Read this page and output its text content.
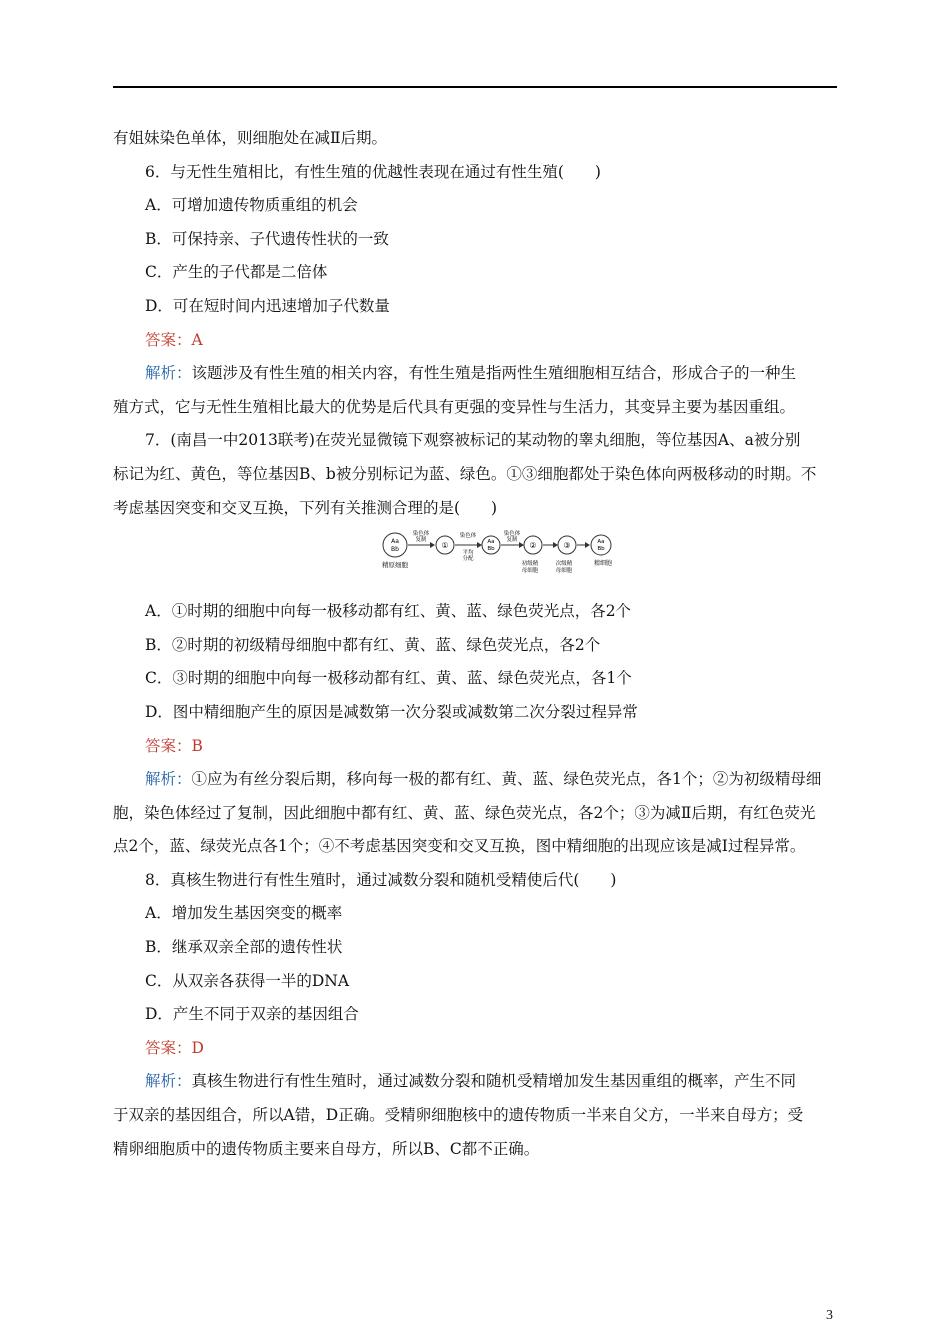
有姐妹染色单体，则细胞处在减Ⅱ后期。
6．与无性生殖相比，有性生殖的优越性表现在通过有性生殖(　　)
A．可增加遗传物质重组的机会
B．可保持亲、子代遗传性状的一致
C．产生的子代都是二倍体
D．可在短时间内迅速增加子代数量
答案：A
解析：该题涉及有性生殖的相关内容，有性生殖是指两性生殖细胞相互结合，形成合子的一种生
殖方式，它与无性生殖相比最大的优势是后代具有更强的变异性与生活力，其变异主要为基因重组。
7．(南昌一中2013联考)在荧光显微镜下观察被标记的某动物的睾丸细胞，等位基因A、a被分别
标记为红、黄色，等位基因B、b被分别标记为蓝、绿色。①③细胞都处于染色体向两极移动的时期。不
考虑基因突变和交叉互换，下列有关推测合理的是(　　)
Aa
Bb
精原细胞
染色体
复制
①
染色体
平均
分配
Aa
Bb
染色体
复制
②
初级精
母细胞
③
次级精
母细胞
Aa
Bb
精细胞
A．①时期的细胞中向每一极移动都有红、黄、蓝、绿色荧光点，各2个
B．②时期的初级精母细胞中都有红、黄、蓝、绿色荧光点，各2个
C．③时期的细胞中向每一极移动都有红、黄、蓝、绿色荧光点，各1个
D．图中精细胞产生的原因是减数第一次分裂或减数第二次分裂过程异常
答案：B
解析：①应为有丝分裂后期，移向每一极的都有红、黄、蓝、绿色荧光点，各1个；②为初级精母细
胞，染色体经过了复制，因此细胞中都有红、黄、蓝、绿色荧光点，各2个；③为减Ⅱ后期，有红色荧光
点2个，蓝、绿荧光点各1个；④不考虑基因突变和交叉互换，图中精细胞的出现应该是减Ⅰ过程异常。
8．真核生物进行有性生殖时，通过减数分裂和随机受精使后代(　　)
A．增加发生基因突变的概率
B．继承双亲全部的遗传性状
C．从双亲各获得一半的DNA
D．产生不同于双亲的基因组合
答案：D
解析：真核生物进行有性生殖时，通过减数分裂和随机受精增加发生基因重组的概率，产生不同
于双亲的基因组合，所以A错，D正确。受精卵细胞核中的遗传物质一半来自父方，一半来自母方；受
精卵细胞质中的遗传物质主要来自母方，所以B、C都不正确。
3
